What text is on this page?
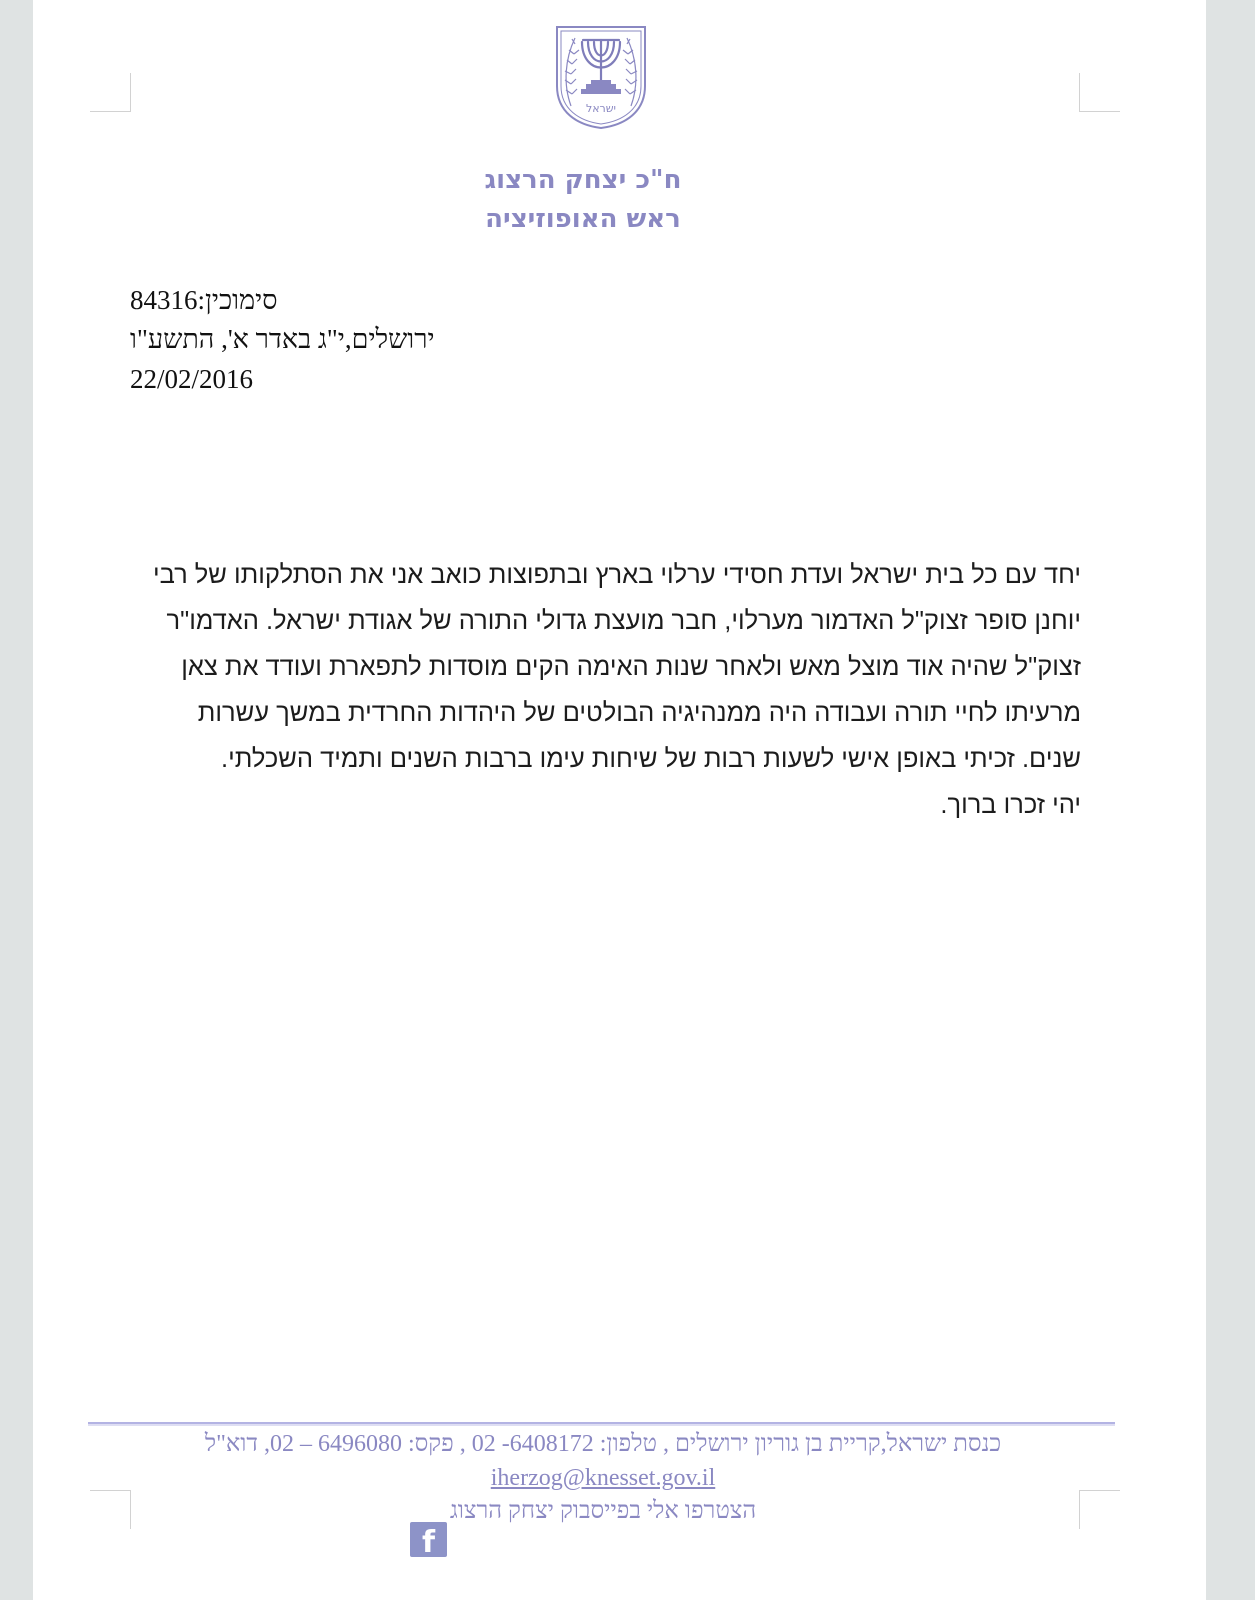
ישראל
ח"כ יצחק הרצוג
ראש האופוזיציה
84316:סימוכין
ירושלים,י"ג באדר א', התשע"ו
22/02/2016

יחד עם כל בית ישראל ועדת חסידי ערלוי בארץ ובתפוצות כואב אני את הסתלקותו של רבי יוחנן סופר זצוק"ל האדמור מערלוי, חבר מועצת גדולי התורה של אגודת ישראל. האדמו"ר זצוק"ל שהיה אוד מוצל מאש ולאחר שנות האימה הקים מוסדות לתפארת ועודד את צאן מרעיתו לחיי תורה ועבודה היה ממנהיגיה הבולטים של היהדות החרדית במשך עשרות שנים. זכיתי באופן אישי לשעות רבות של שיחות עימו ברבות השנים ותמיד השכלתי.

יהי זכרו ברוך.

כנסת ישראל,קריית בן גוריון ירושלים , טלפון: 6408172- 02 , פקס: 6496080 – 02, דוא"ל
iherzog@knesset.gov.il
הצטרפו אלי בפייסבוק יצחק הרצוג
f
